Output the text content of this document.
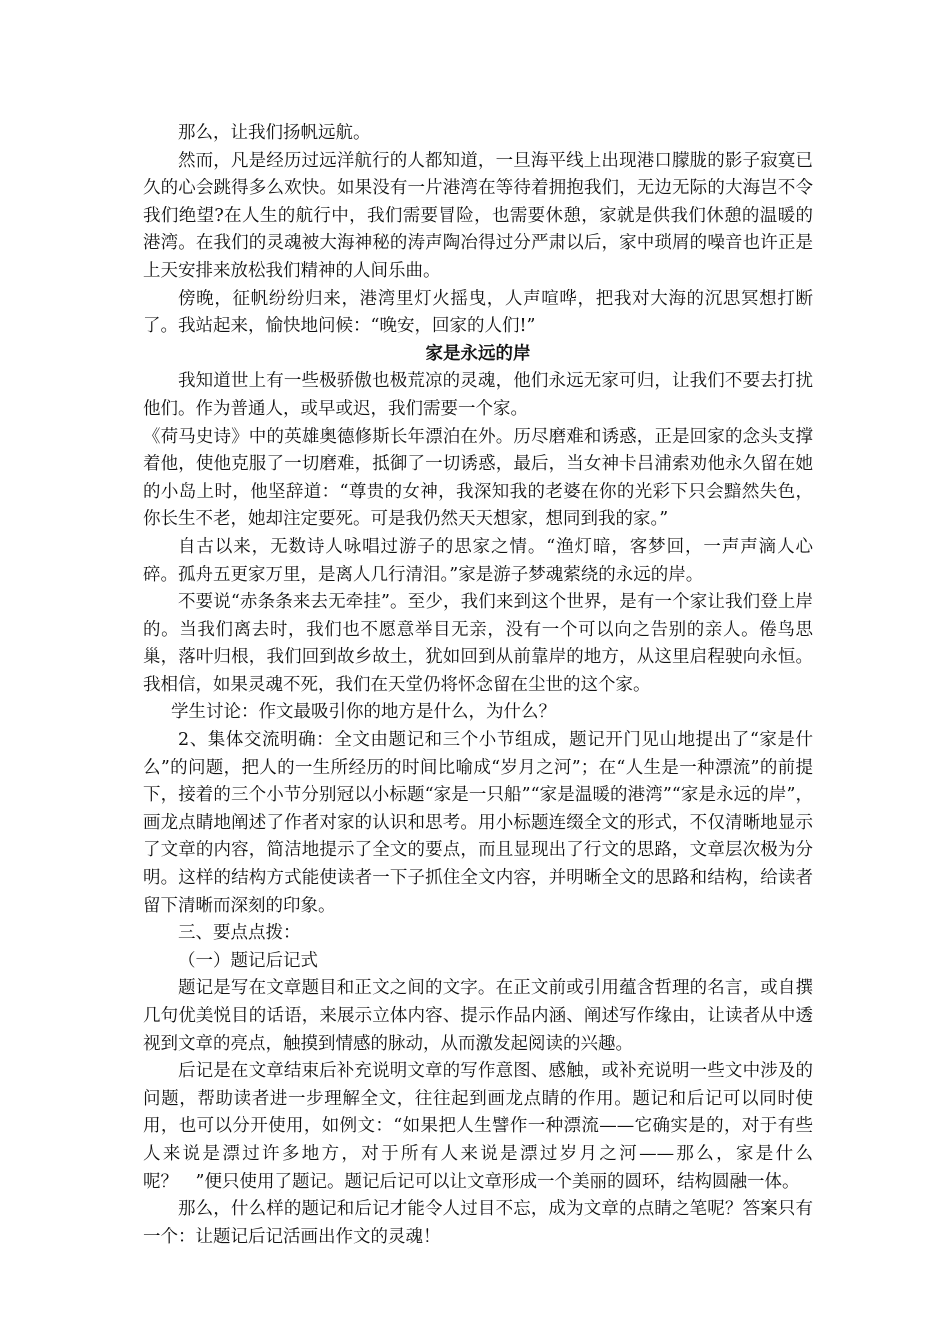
那么，让我们扬帆远航。

然而，凡是经历过远洋航行的人都知道，一旦海平线上出现港口朦胧的影子寂寞已久的心会跳得多么欢快。如果没有一片港湾在等待着拥抱我们，无边无际的大海岂不令我们绝望?在人生的航行中，我们需要冒险，也需要休憩，家就是供我们休憩的温暖的港湾。在我们的灵魂被大海神秘的涛声陶冶得过分严肃以后，家中琐屑的噪音也许正是上天安排来放松我们精神的人间乐曲。

傍晚，征帆纷纷归来，港湾里灯火摇曳，人声喧哗，把我对大海的沉思冥想打断了。我站起来，愉快地问候：“晚安，回家的人们!”

家是永远的岸

我知道世上有一些极骄傲也极荒凉的灵魂，他们永远无家可归，让我们不要去打扰他们。作为普通人，或早或迟，我们需要一个家。

《荷马史诗》中的英雄奥德修斯长年漂泊在外。历尽磨难和诱惑，正是回家的念头支撑着他，使他克服了一切磨难，抵御了一切诱惑，最后，当女神卡吕浦索劝他永久留在她的小岛上时，他坚辞道：“尊贵的女神，我深知我的老婆在你的光彩下只会黯然失色，你长生不老，她却注定要死。可是我仍然天天想家，想同到我的家。”

自古以来，无数诗人咏唱过游子的思家之情。“渔灯暗，客梦回，一声声滴人心碎。孤舟五更家万里，是离人几行清泪。”家是游子梦魂萦绕的永远的岸。

不要说“赤条条来去无牵挂”。至少，我们来到这个世界，是有一个家让我们登上岸的。当我们离去时，我们也不愿意举目无亲，没有一个可以向之告别的亲人。倦鸟思巢，落叶归根，我们回到故乡故土，犹如回到从前靠岸的地方，从这里启程驶向永恒。我相信，如果灵魂不死，我们在天堂仍将怀念留在尘世的这个家。

学生讨论：作文最吸引你的地方是什么，为什么？

2、集体交流明确：全文由题记和三个小节组成，题记开门见山地提出了“家是什么”的问题，把人的一生所经历的时间比喻成“岁月之河”；在“人生是一种漂流”的前提下，接着的三个小节分别冠以小标题“家是一只船”“家是温暖的港湾”“家是永远的岸”，画龙点睛地阐述了作者对家的认识和思考。用小标题连缀全文的形式，不仅清晰地显示了文章的内容，简洁地提示了全文的要点，而且显现出了行文的思路，文章层次极为分明。这样的结构方式能使读者一下子抓住全文内容，并明晰全文的思路和结构，给读者留下清晰而深刻的印象。

三、要点点拨：

（一）题记后记式

题记是写在文章题目和正文之间的文字。在正文前或引用蕴含哲理的名言，或自撰几句优美悦目的话语，来展示立体内容、提示作品内涵、阐述写作缘由，让读者从中透视到文章的亮点，触摸到情感的脉动，从而激发起阅读的兴趣。

后记是在文章结束后补充说明文章的写作意图、感触，或补充说明一些文中涉及的问题，帮助读者进一步理解全文，往往起到画龙点睛的作用。题记和后记可以同时使用，也可以分开使用，如例文：“如果把人生譬作一种漂流——它确实是的，对于有些人来说是漂过许多地方，对于所有人来说是漂过岁月之河——那么，家是什么呢？　”便只使用了题记。题记后记可以让文章形成一个美丽的圆环，结构圆融一体。

那么，什么样的题记和后记才能令人过目不忘，成为文章的点睛之笔呢？答案只有一个：让题记后记活画出作文的灵魂！
